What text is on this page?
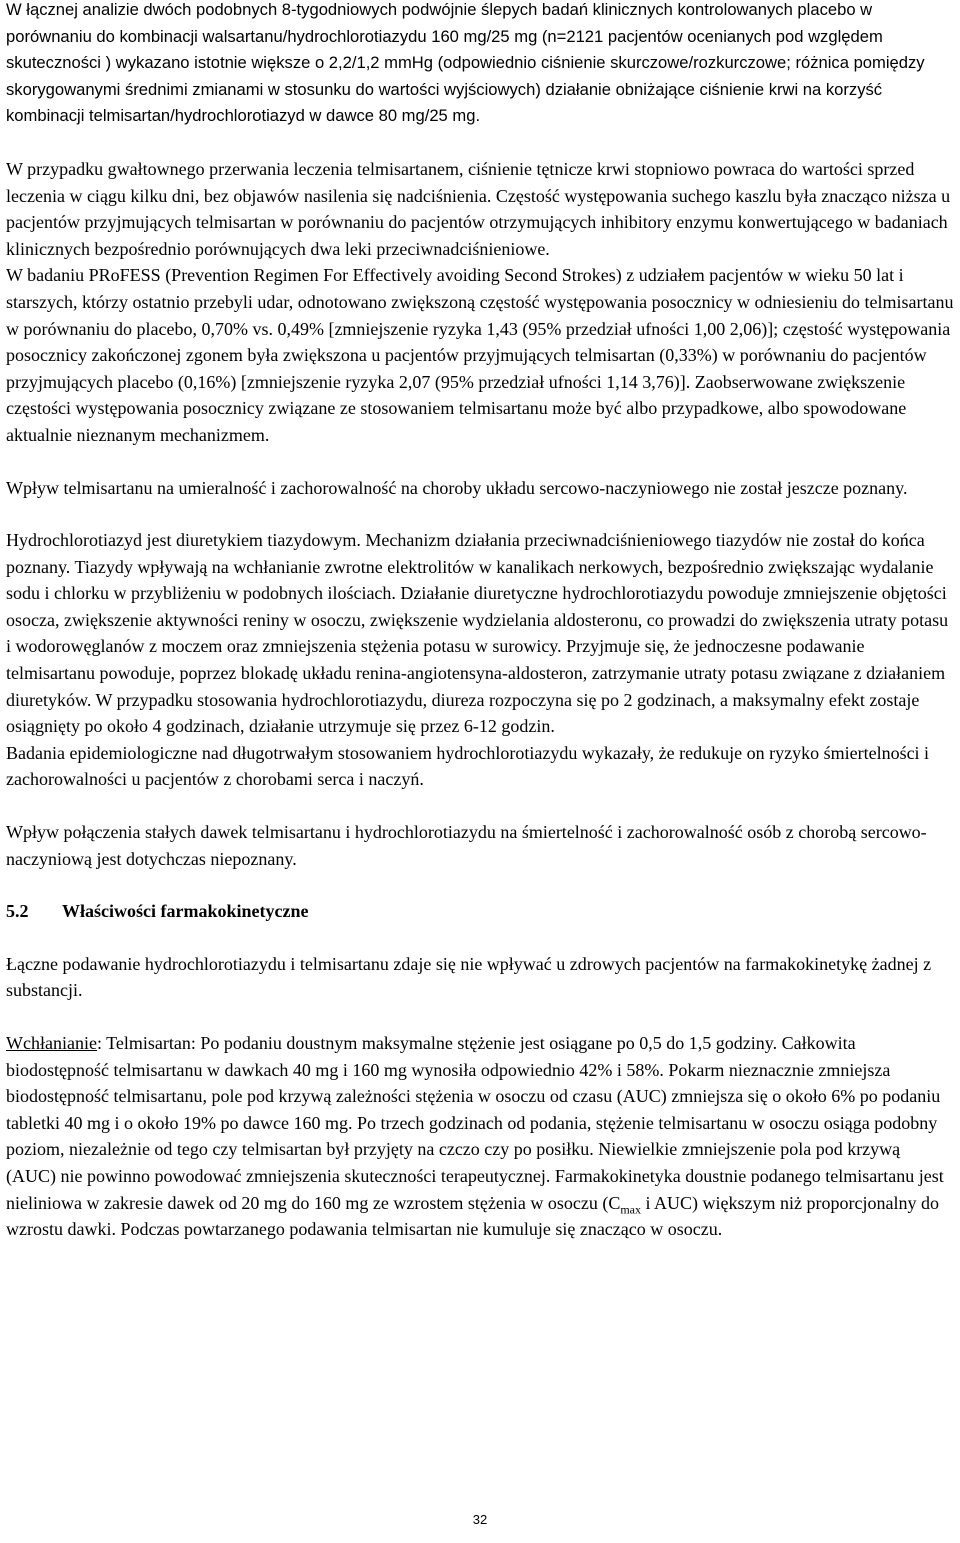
W łącznej analizie dwóch podobnych 8-tygodniowych podwójnie ślepych badań klinicznych kontrolowanych placebo w porównaniu do kombinacji walsartanu/hydrochlorotiazydu 160 mg/25 mg (n=2121 pacjentów ocenianych pod względem skuteczności ) wykazano istotnie większe o 2,2/1,2 mmHg (odpowiednio ciśnienie skurczowe/rozkurczowe; różnica pomiędzy skorygowanymi średnimi zmianami w stosunku do wartości wyjściowych) działanie obniżające ciśnienie krwi na korzyść kombinacji telmisartan/hydrochlorotiazyd w dawce 80 mg/25 mg.

W przypadku gwałtownego przerwania leczenia telmisartanem, ciśnienie tętnicze krwi stopniowo powraca do wartości sprzed leczenia w ciągu kilku dni, bez objawów nasilenia się nadciśnienia. Częstość występowania suchego kaszlu była znacząco niższa u pacjentów przyjmujących telmisartan w porównaniu do pacjentów otrzymujących inhibitory enzymu konwertującego w badaniach klinicznych bezpośrednio porównujących dwa leki przeciwnadciśnieniowe.

W badaniu PRoFESS (Prevention Regimen For Effectively avoiding Second Strokes) z udziałem pacjentów w wieku 50 lat i starszych, którzy ostatnio przebyli udar, odnotowano zwiększoną częstość występowania posocznicy w odniesieniu do telmisartanu w porównaniu do placebo, 0,70% vs. 0,49% [zmniejszenie ryzyka 1,43 (95% przedział ufności 1,00 2,06)]; częstość występowania posocznicy zakończonej zgonem była zwiększona u pacjentów przyjmujących telmisartan (0,33%) w porównaniu do pacjentów przyjmujących placebo (0,16%) [zmniejszenie ryzyka 2,07 (95% przedział ufności 1,14 3,76)]. Zaobserwowane zwiększenie częstości występowania posocznicy związane ze stosowaniem telmisartanu może być albo przypadkowe, albo spowodowane aktualnie nieznanym mechanizmem.

Wpływ telmisartanu na umieralność i zachorowalność na choroby układu sercowo-naczyniowego nie został jeszcze poznany.

Hydrochlorotiazyd jest diuretykiem tiazydowym. Mechanizm działania przeciwnadciśnieniowego tiazydów nie został do końca poznany. Tiazydy wpływają na wchłanianie zwrotne elektrolitów w kanalikach nerkowych, bezpośrednio zwiększając wydalanie sodu i chlorku w przybliżeniu w podobnych ilościach. Działanie diuretyczne hydrochlorotiazydu powoduje zmniejszenie objętości osocza, zwiększenie aktywności reniny w osoczu, zwiększenie wydzielania aldosteronu, co prowadzi do zwiększenia utraty potasu i wodorowęglanów z moczem oraz zmniejszenia stężenia potasu w surowicy. Przyjmuje się, że jednoczesne podawanie telmisartanu powoduje, poprzez blokadę układu renina-angiotensyna-aldosteron, zatrzymanie utraty potasu związane z działaniem diuretyków. W przypadku stosowania hydrochlorotiazydu, diureza rozpoczyna się po 2 godzinach, a maksymalny efekt zostaje osiągnięty po około 4 godzinach, działanie utrzymuje się przez 6-12 godzin.

Badania epidemiologiczne nad długotrwałym stosowaniem hydrochlorotiazydu wykazały, że redukuje on ryzyko śmiertelności i zachorowalności u pacjentów z chorobami serca i naczyń.

Wpływ połączenia stałych dawek telmisartanu i hydrochlorotiazydu na śmiertelność i zachorowalność osób z chorobą sercowo-naczyniową jest dotychczas niepoznany.

5.2 Właściwości farmakokinetyczne

Łączne podawanie hydrochlorotiazydu i telmisartanu zdaje się nie wpływać u zdrowych pacjentów na farmakokinetykę żadnej z substancji.

Wchłanianie: Telmisartan: Po podaniu doustnym maksymalne stężenie jest osiągane po 0,5 do 1,5 godziny. Całkowita biodostępność telmisartanu w dawkach 40 mg i 160 mg wynosiła odpowiednio 42% i 58%. Pokarm nieznacznie zmniejsza biodostępność telmisartanu, pole pod krzywą zależności stężenia w osoczu od czasu (AUC) zmniejsza się o około 6% po podaniu tabletki 40 mg i o około 19% po dawce 160 mg. Po trzech godzinach od podania, stężenie telmisartanu w osoczu osiąga podobny poziom, niezależnie od tego czy telmisartan był przyjęty na czczo czy po posiłku. Niewielkie zmniejszenie pola pod krzywą (AUC) nie powinno powodować zmniejszenia skuteczności terapeutycznej. Farmakokinetyka doustnie podanego telmisartanu jest nieliniowa w zakresie dawek od 20 mg do 160 mg ze wzrostem stężenia w osoczu ($C_{max}$ i AUC) większym niż proporcjonalny do wzrostu dawki. Podczas powtarzanego podawania telmisartan nie kumuluje się znacząco w osoczu.

32
